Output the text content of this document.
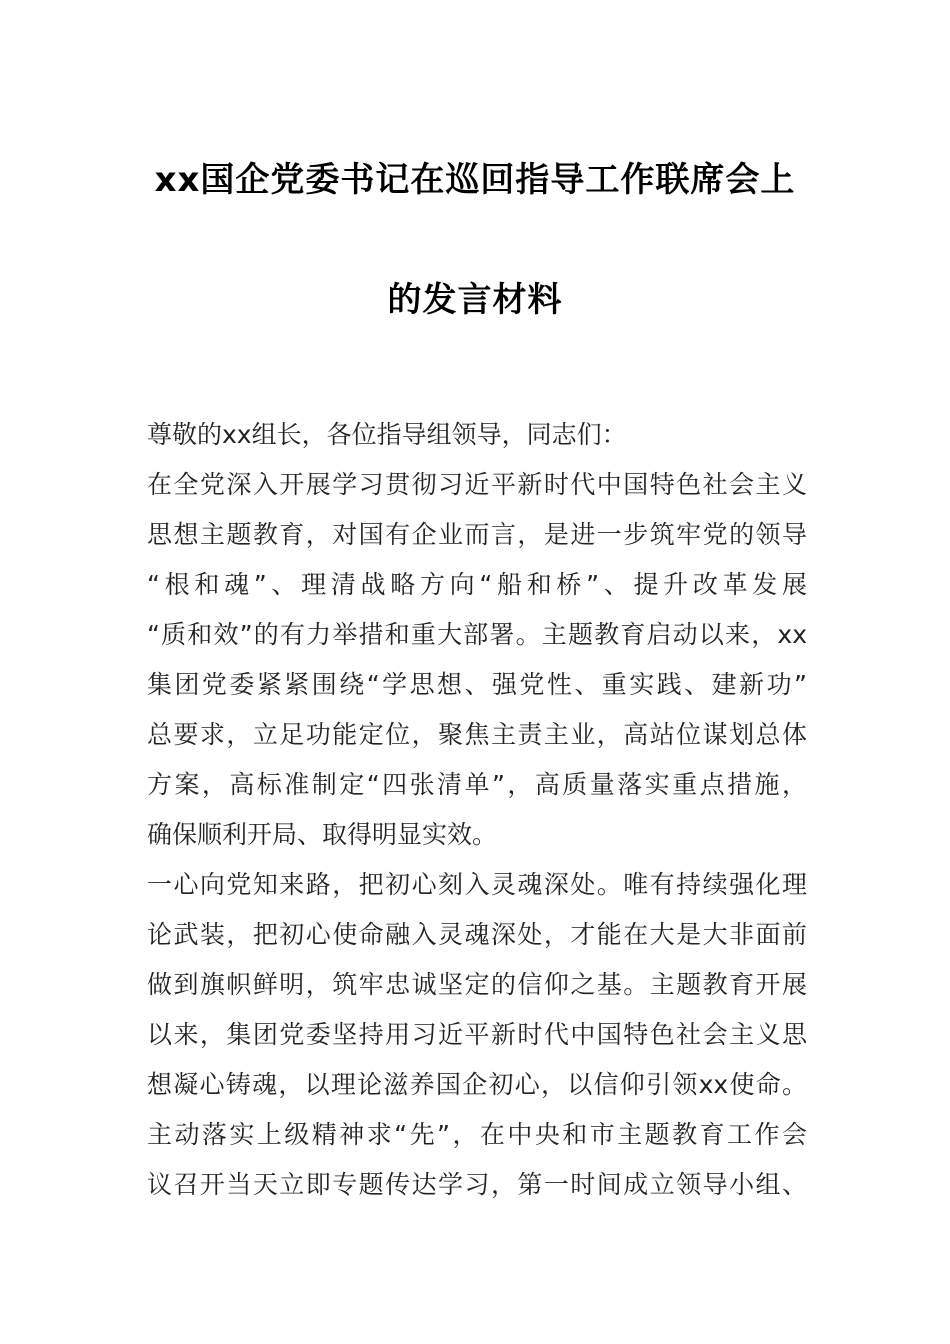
xx国企党委书记在巡回指导工作联席会上
的发言材料
尊敬的xx组长，各位指导组领导，同志们：
在全党深入开展学习贯彻习近平新时代中国特色社会主义
思想主题教育，对国有企业而言，是进一步筑牢党的领导
“根和魂”、理清战略方向“船和桥”、提升改革发展
“质和效”的有力举措和重大部署。主题教育启动以来，xx
集团党委紧紧围绕“学思想、强党性、重实践、建新功”
总要求，立足功能定位，聚焦主责主业，高站位谋划总体
方案，高标准制定“四张清单”，高质量落实重点措施，
确保顺利开局、取得明显实效。
一心向党知来路，把初心刻入灵魂深处。唯有持续强化理
论武装，把初心使命融入灵魂深处，才能在大是大非面前
做到旗帜鲜明，筑牢忠诚坚定的信仰之基。主题教育开展
以来，集团党委坚持用习近平新时代中国特色社会主义思
想凝心铸魂，以理论滋养国企初心，以信仰引领xx使命。
主动落实上级精神求“先”，在中央和市主题教育工作会
议召开当天立即专题传达学习，第一时间成立领导小组、
